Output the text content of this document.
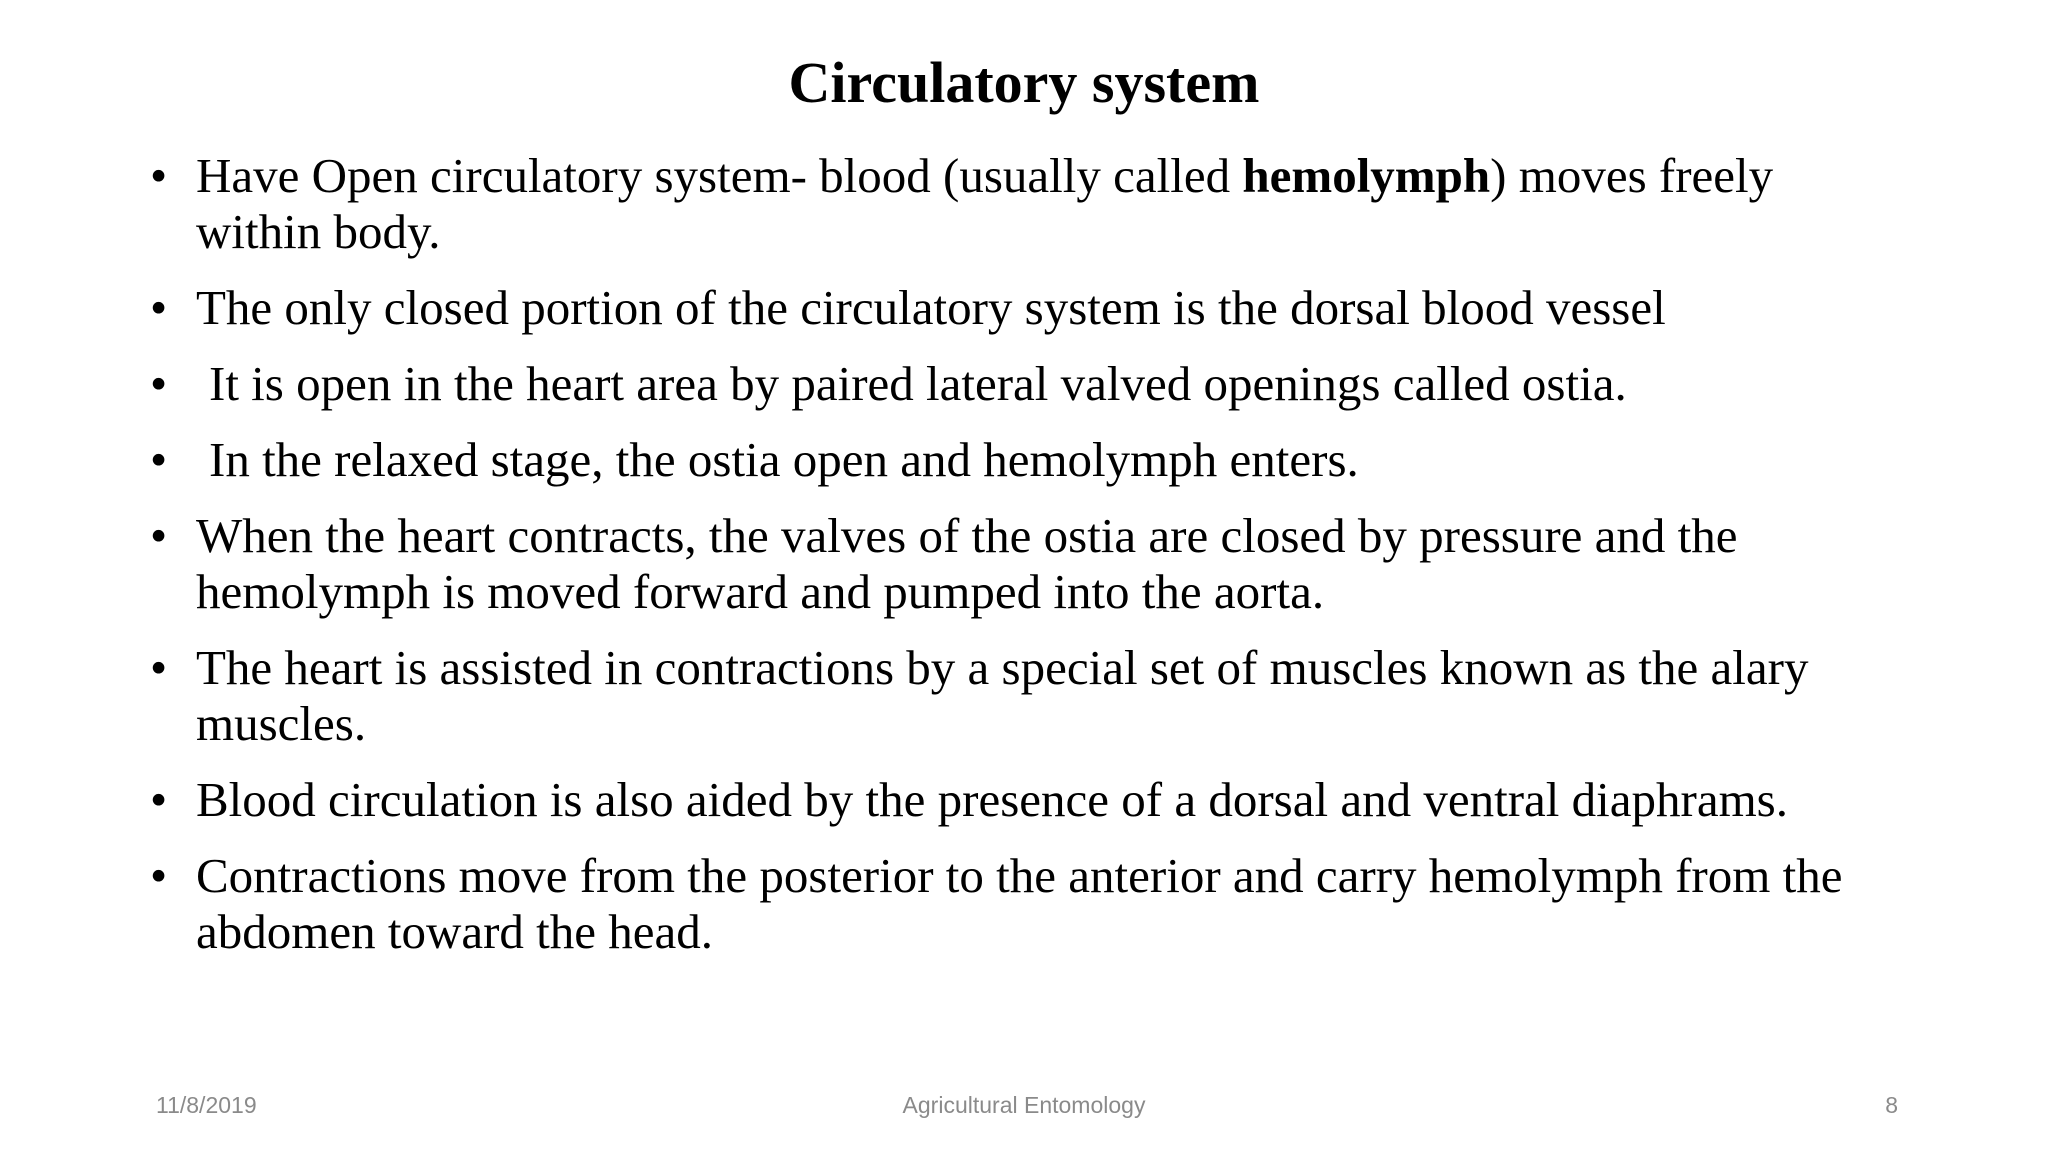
Circulatory system
• Have Open circulatory system- blood (usually called hemolymph) moves freely within body.
• The only closed portion of the circulatory system is the dorsal blood vessel
• It is open in the heart area by paired lateral valved openings called ostia.
• In the relaxed stage, the ostia open and hemolymph enters.
• When the heart contracts, the valves of the ostia are closed by pressure and the hemolymph is moved forward and pumped into the aorta.
• The heart is assisted in contractions by a special set of muscles known as the alary muscles.
• Blood circulation is also aided by the presence of a dorsal and ventral diaphrams.
• Contractions move from the posterior to the anterior and carry hemolymph from the abdomen toward the head.
11/8/2019	Agricultural Entomology	8
